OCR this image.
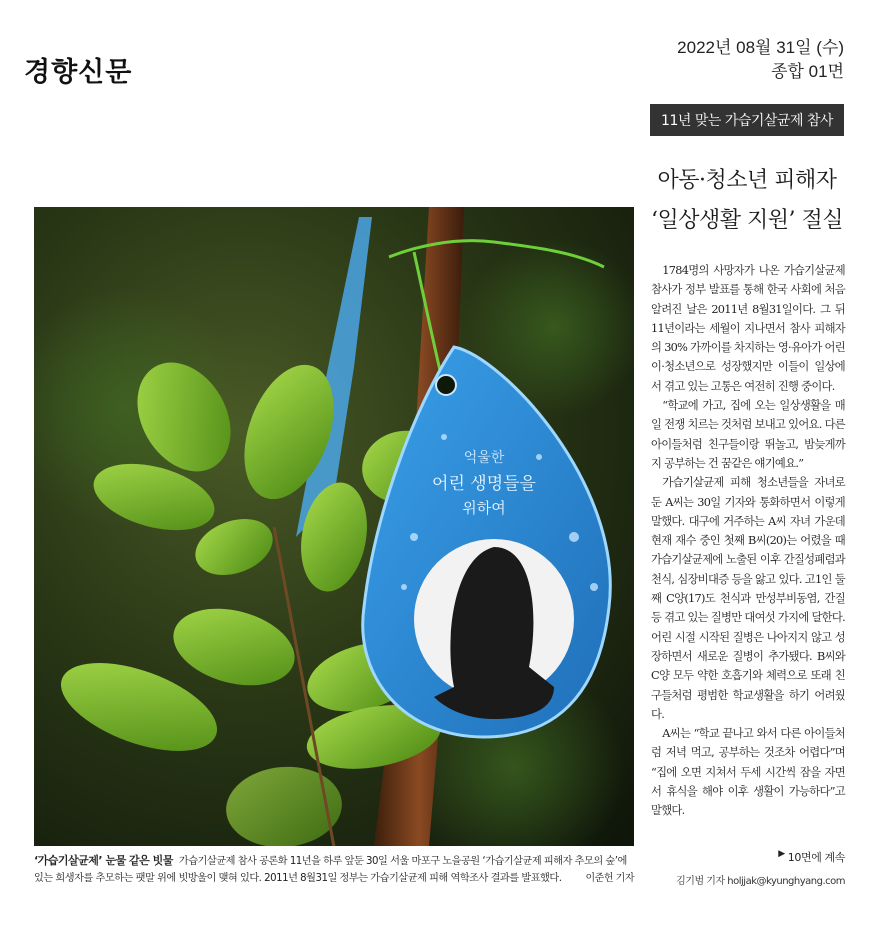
경향신문
2022년 08월 31일 (수)
종합 01면
11년 맞는 가습기살균제 참사
아동·청소년 피해자
‘일상생활 지원’ 절실
억울한
어린 생명들을
위하여

1784명의 사망자가 나온 가습기살균제 참사가 정부 발표를 통해 한국 사회에 처음 알려진 날은 2011년 8월31일이다. 그 뒤 11년이라는 세월이 지나면서 참사 피해자의 30% 가까이를 차지하는 영·유아가 어린이·청소년으로 성장했지만 이들이 일상에서 겪고 있는 고통은 여전히 진행 중이다.

“학교에 가고, 집에 오는 일상생활을 매일 전쟁 치르는 것처럼 보내고 있어요. 다른 아이들처럼 친구들이랑 뛰놀고, 밤늦게까지 공부하는 건 꿈같은 얘기예요.”

가습기살균제 피해 청소년들을 자녀로 둔 A씨는 30일 기자와 통화하면서 이렇게 말했다. 대구에 거주하는 A씨 자녀 가운데 현재 재수 중인 첫째 B씨(20)는 어렸을 때 가습기살균제에 노출된 이후 간질성폐렴과 천식, 심장비대증 등을 앓고 있다. 고1인 둘째 C양(17)도 천식과 만성부비동염, 간질 등 겪고 있는 질병만 대여섯 가지에 달한다. 어린 시절 시작된 질병은 나아지지 않고 성장하면서 새로운 질병이 추가됐다. B씨와 C양 모두 약한 호흡기와 체력으로 또래 친구들처럼 평범한 학교생활을 하기 어려웠다.

A씨는 “학교 끝나고 와서 다른 아이들처럼 저녁 먹고, 공부하는 것조차 어렵다”며 “집에 오면 지쳐서 두세 시간씩 잠을 자면서 휴식을 해야 이후 생활이 가능하다”고 말했다.

▶ 10면에 계속
김기범 기자 holjjak@kyunghyang.com
‘가습기살균제’ 눈물 같은 빗물 가습기살균제 참사 공론화 11년을 하루 앞둔 30일 서울 마포구 노을공원 ‘가습기살균제 피해자 추모의 숲’에 있는 희생자를 추모하는 팻말 위에 빗방울이 맺혀 있다. 2011년 8월31일 정부는 가습기살균제 피해 역학조사 결과를 발표했다. 이준헌 기자
